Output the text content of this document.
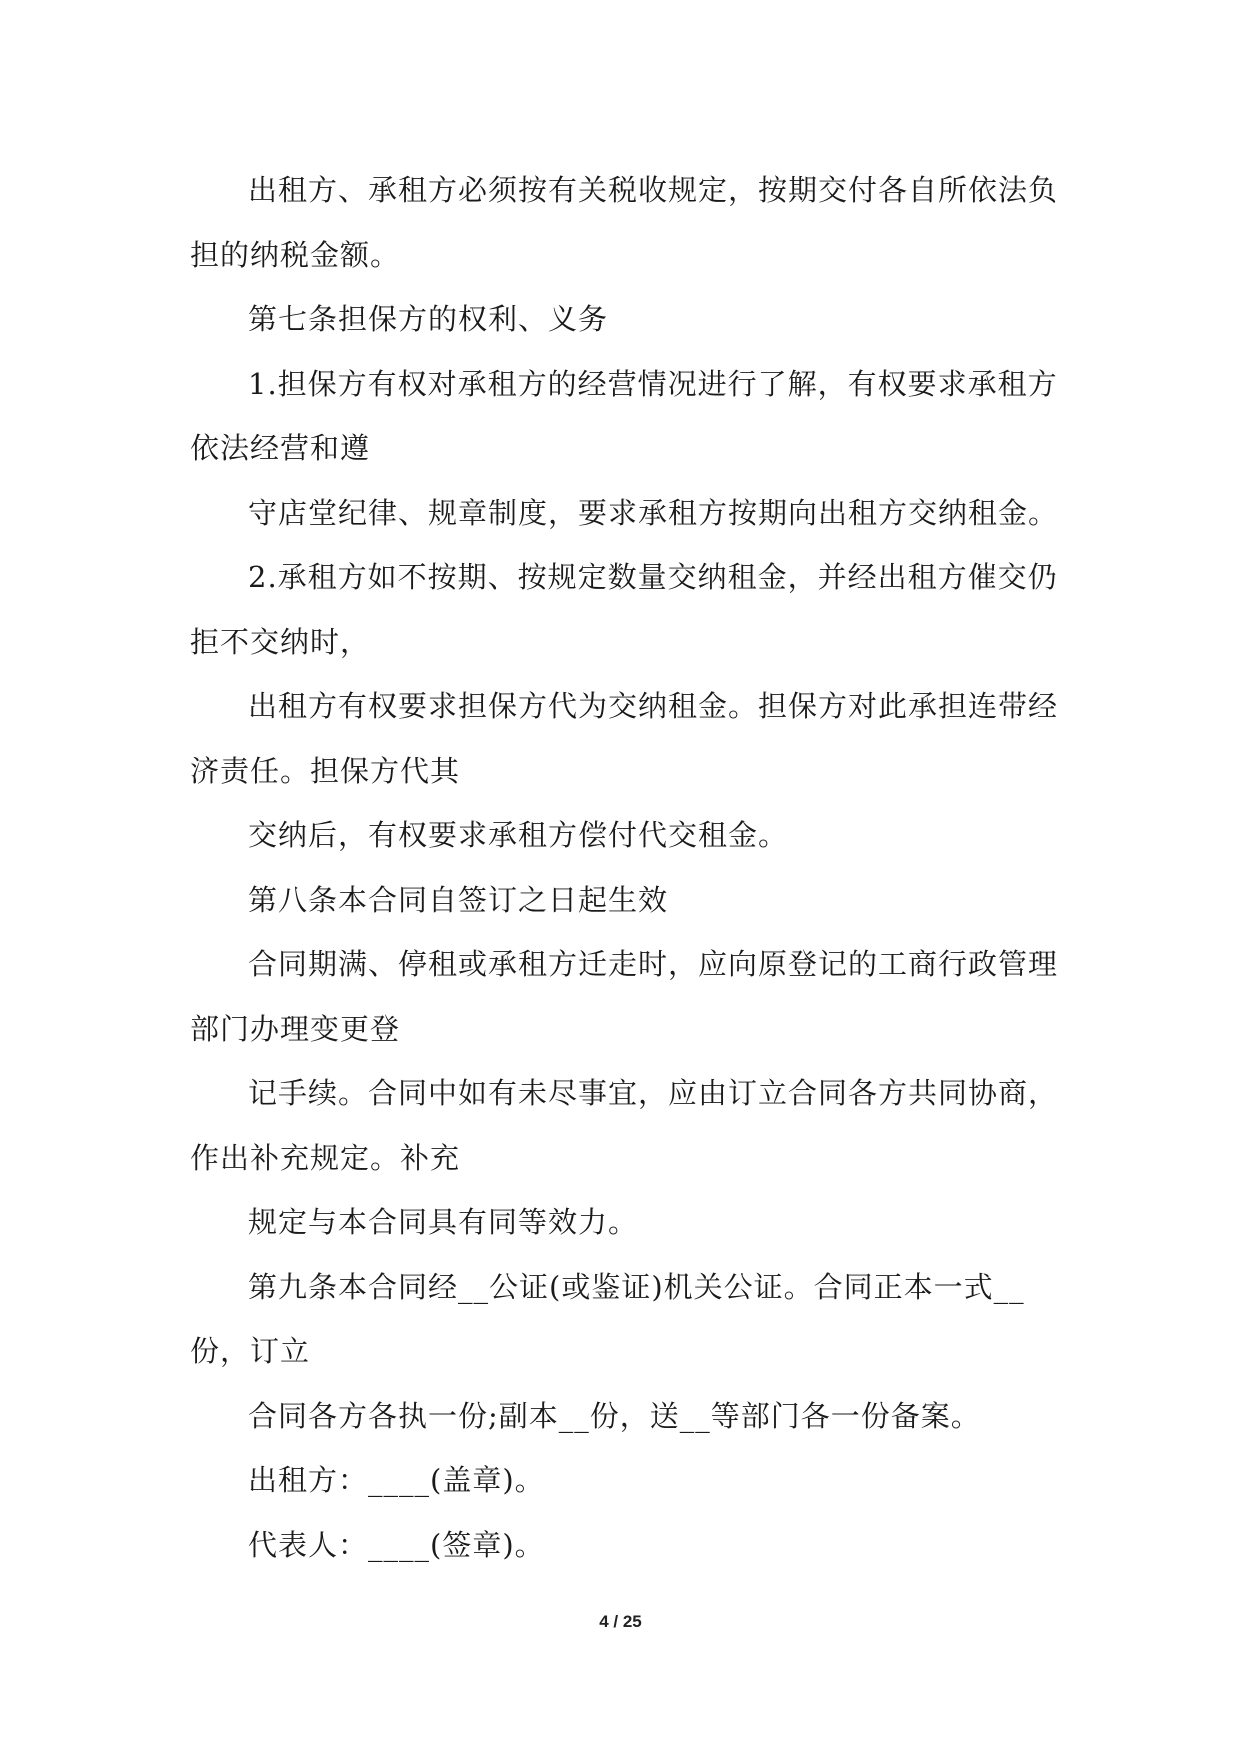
出租方、承租方必须按有关税收规定，按期交付各自所依法负担的纳税金额。

第七条担保方的权利、义务

1.担保方有权对承租方的经营情况进行了解，有权要求承租方依法经营和遵

守店堂纪律、规章制度，要求承租方按期向出租方交纳租金。

2.承租方如不按期、按规定数量交纳租金，并经出租方催交仍拒不交纳时，

出租方有权要求担保方代为交纳租金。担保方对此承担连带经济责任。担保方代其

交纳后，有权要求承租方偿付代交租金。

第八条本合同自签订之日起生效

合同期满、停租或承租方迁走时，应向原登记的工商行政管理部门办理变更登

记手续。合同中如有未尽事宜，应由订立合同各方共同协商，作出补充规定。补充

规定与本合同具有同等效力。

第九条本合同经__公证(或鉴证)机关公证。合同正本一式__份，订立

合同各方各执一份;副本__份，送__等部门各一份备案。

出租方：____(盖章)。

代表人：____(签章)。

4 / 25
